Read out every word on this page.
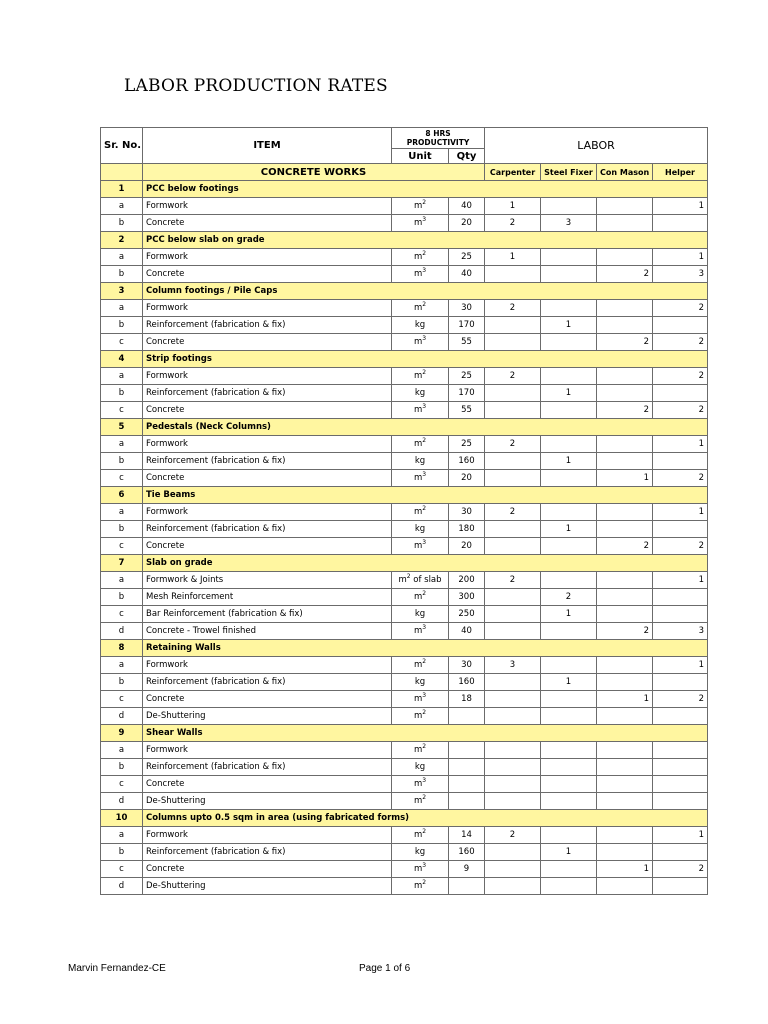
LABOR PRODUCTION RATES
Sr. No.	ITEM	8 HRS PRODUCTIVITY		LABOR			
		Unit	Qty				
	CONCRETE WORKS			Carpenter	Steel Fixer	Con Mason	Helper
1	PCC below footings						
a	Formwork	$m^2$	40	1			1
b	Concrete	$m^3$	20	2	3		
2	PCC below slab on grade						
a	Formwork	$m^2$	25	1			1
b	Concrete	$m^3$	40			2	3
3	Column footings / Pile Caps						
a	Formwork	$m^2$	30	2			2
b	Reinforcement (fabrication & fix)	kg	170		1		
c	Concrete	$m^3$	55			2	2
4	Strip footings						
a	Formwork	$m^2$	25	2			2
b	Reinforcement (fabrication & fix)	kg	170		1		
c	Concrete	$m^3$	55			2	2
5	Pedestals (Neck Columns)						
a	Formwork	$m^2$	25	2			1
b	Reinforcement (fabrication & fix)	kg	160		1		
c	Concrete	$m^3$	20			1	2
6	Tie Beams						
a	Formwork	$m^2$	30	2			1
b	Reinforcement (fabrication & fix)	kg	180		1		
c	Concrete	$m^3$	20			2	2
7	Slab on grade						
a	Formwork & Joints	$m^2$ of slab	200	2			1
b	Mesh Reinforcement	$m^2$	300		2		
c	Bar Reinforcement (fabrication & fix)	kg	250		1		
d	Concrete - Trowel finished	$m^3$	40			2	3
8	Retaining Walls						
a	Formwork	$m^2$	30	3			1
b	Reinforcement (fabrication & fix)	kg	160		1		
c	Concrete	$m^3$	18			1	2
d	De-Shuttering	$m^2$					
9	Shear Walls						
a	Formwork	$m^2$					
b	Reinforcement (fabrication & fix)	kg					
c	Concrete	$m^3$					
d	De-Shuttering	$m^2$					
10	Columns upto 0.5 sqm in area (using fabricated forms)						
a	Formwork	$m^2$	14	2			1
b	Reinforcement (fabrication & fix)	kg	160		1		
c	Concrete	$m^3$	9			1	2
d	De-Shuttering	$m^2$					
Marvin Fernandez-CE	Page 1 of 6
